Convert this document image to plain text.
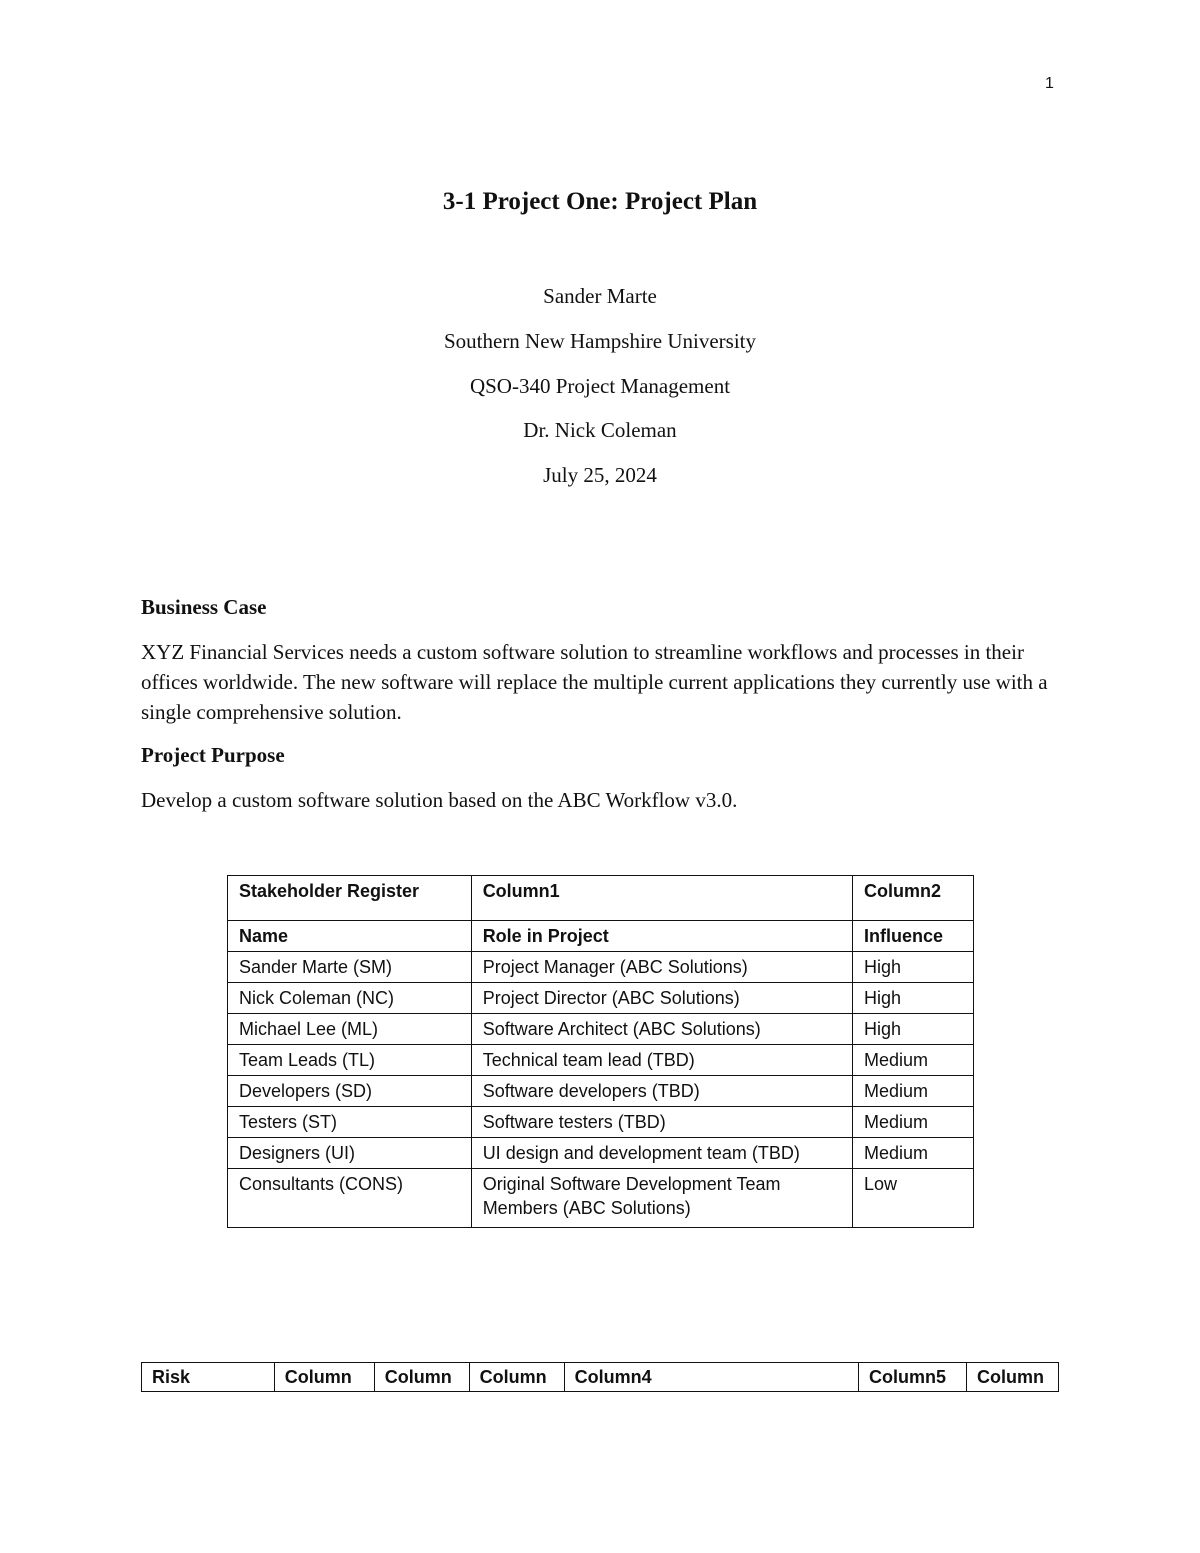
1
3-1 Project One: Project Plan

Sander Marte

Southern New Hampshire University

QSO-340 Project Management

Dr. Nick Coleman

July 25, 2024

Business Case

XYZ Financial Services needs a custom software solution to streamline workflows and processes in their offices worldwide. The new software will replace the multiple current applications they currently use with a single comprehensive solution.

Project Purpose

Develop a custom software solution based on the ABC Workflow v3.0.

Stakeholder Register	Column1	Column2
Name	Role in Project	Influence
Sander Marte (SM)	Project Manager (ABC Solutions)	High
Nick Coleman (NC)	Project Director (ABC Solutions)	High
Michael Lee (ML)	Software Architect (ABC Solutions)	High
Team Leads (TL)	Technical team lead (TBD)	Medium
Developers (SD)	Software developers (TBD)	Medium
Testers (ST)	Software testers (TBD)	Medium
Designers (UI)	UI design and development team (TBD)	Medium
Consultants (CONS)	Original Software Development Team Members (ABC Solutions)	Low
Risk	Column	Column	Column	Column4	Column5	Column
